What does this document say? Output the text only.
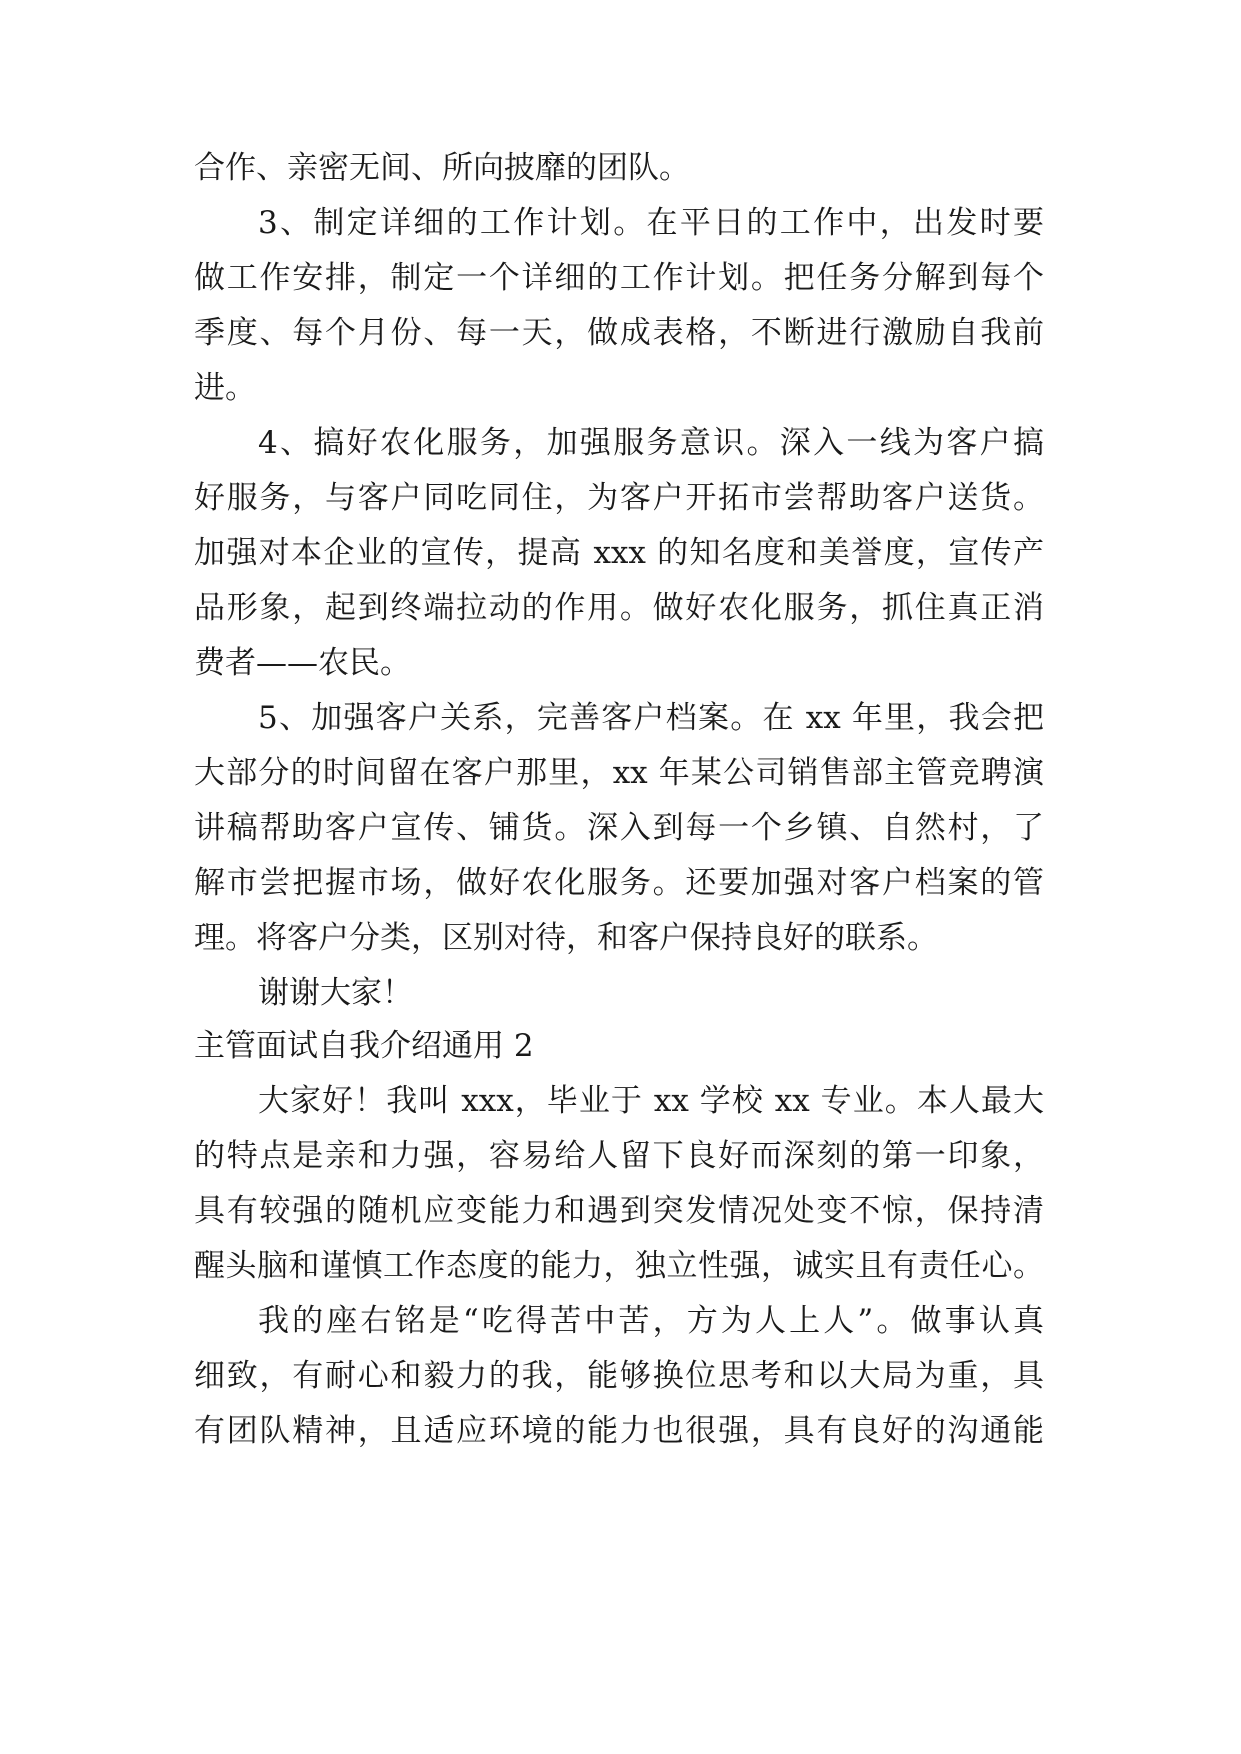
合作、亲密无间、所向披靡的团队。
3、制定详细的工作计划。在平日的工作中，出发时要
做工作安排，制定一个详细的工作计划。把任务分解到每个
季度、每个月份、每一天，做成表格，不断进行激励自我前
进。
4、搞好农化服务，加强服务意识。深入一线为客户搞
好服务，与客户同吃同住，为客户开拓市尝帮助客户送货。
加强对本企业的宣传，提高 xxx 的知名度和美誉度，宣传产
品形象，起到终端拉动的作用。做好农化服务，抓住真正消
费者——农民。
5、加强客户关系，完善客户档案。在 xx 年里，我会把
大部分的时间留在客户那里，xx 年某公司销售部主管竞聘演
讲稿帮助客户宣传、铺货。深入到每一个乡镇、自然村，了
解市尝把握市场，做好农化服务。还要加强对客户档案的管
理。将客户分类，区别对待，和客户保持良好的联系。
谢谢大家！
主管面试自我介绍通用 2
大家好！我叫 xxx，毕业于 xx 学校 xx 专业。本人最大
的特点是亲和力强，容易给人留下良好而深刻的第一印象，
具有较强的随机应变能力和遇到突发情况处变不惊，保持清
醒头脑和谨慎工作态度的能力，独立性强，诚实且有责任心。
我的座右铭是“吃得苦中苦，方为人上人”。做事认真
细致，有耐心和毅力的我，能够换位思考和以大局为重，具
有团队精神，且适应环境的能力也很强，具有良好的沟通能
